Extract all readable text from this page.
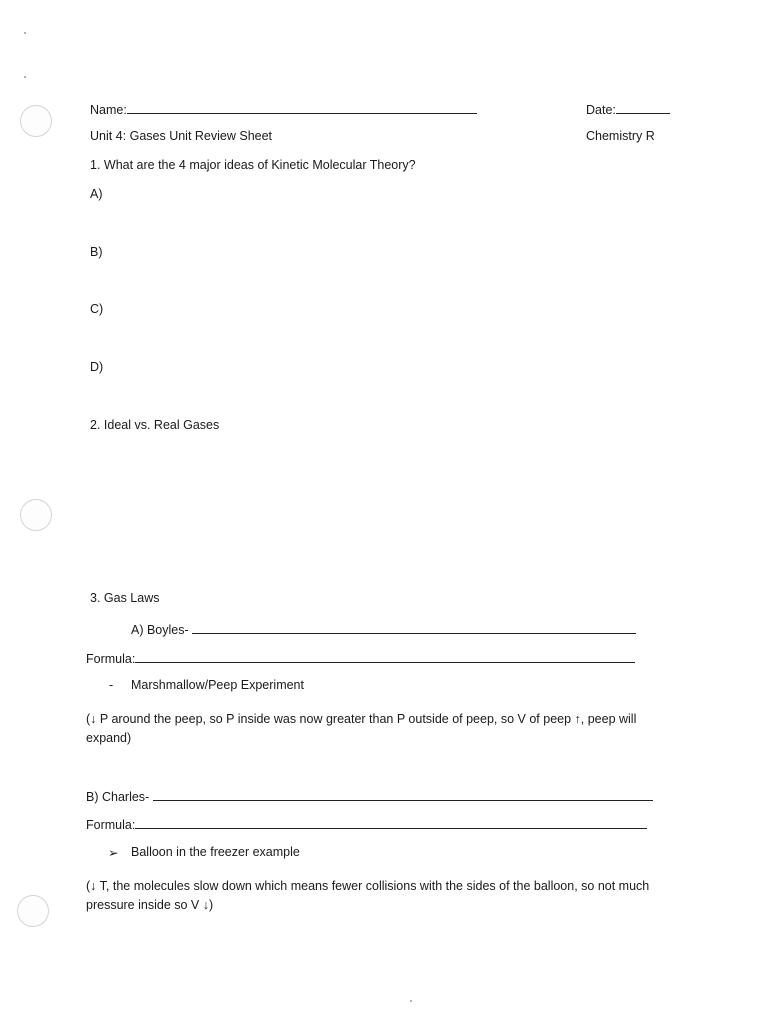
Name:	Date:
Unit 4: Gases Unit Review Sheet	Chemistry R
1. What are the 4 major ideas of Kinetic Molecular Theory?
A)
B)
C)
D)
2. Ideal vs. Real Gases
3. Gas Laws
A) Boyles-
Formula:
- Marshmallow/Peep Experiment
(↓ P around the peep, so P inside was now greater than P outside of peep, so V of peep ↑, peep will expand)
B) Charles-
Formula:
➢ Balloon in the freezer example
(↓ T, the molecules slow down which means fewer collisions with the sides of the balloon, so not much pressure inside so V ↓)
